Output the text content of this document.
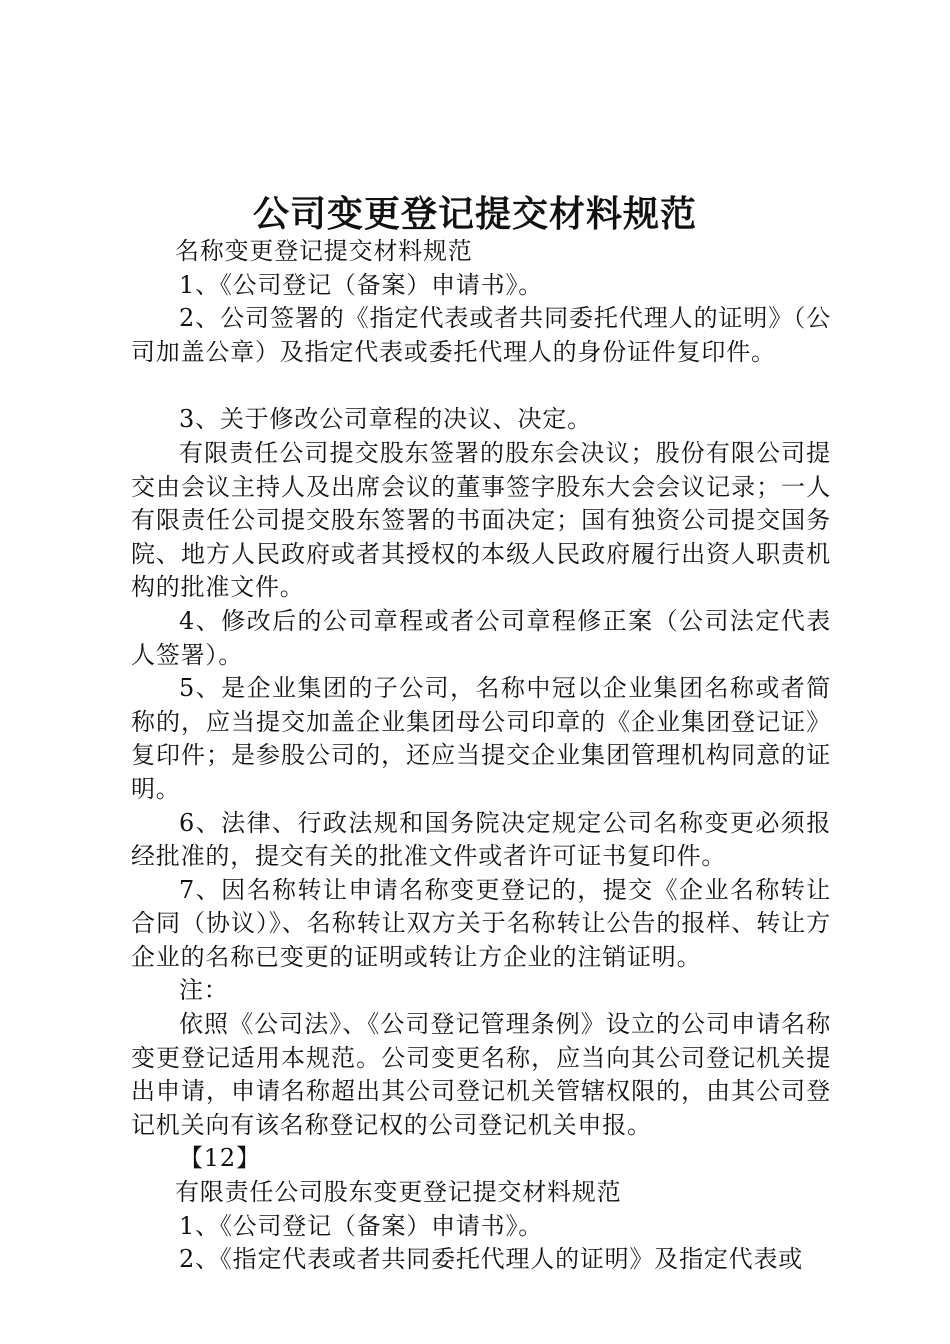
公司变更登记提交材料规范

名称变更登记提交材料规范

1、《公司登记（备案）申请书》。

2、公司签署的《指定代表或者共同委托代理人的证明》（公司加盖公章）及指定代表或委托代理人的身份证件复印件。

3、关于修改公司章程的决议、决定。

有限责任公司提交股东签署的股东会决议；股份有限公司提交由会议主持人及出席会议的董事签字股东大会会议记录；一人有限责任公司提交股东签署的书面决定；国有独资公司提交国务院、地方人民政府或者其授权的本级人民政府履行出资人职责机构的批准文件。

4、修改后的公司章程或者公司章程修正案（公司法定代表人签署）。

5、是企业集团的子公司，名称中冠以企业集团名称或者简称的，应当提交加盖企业集团母公司印章的《企业集团登记证》复印件；是参股公司的，还应当提交企业集团管理机构同意的证明。

6、法律、行政法规和国务院决定规定公司名称变更必须报经批准的，提交有关的批准文件或者许可证书复印件。

7、因名称转让申请名称变更登记的，提交《企业名称转让合同（协议）》、名称转让双方关于名称转让公告的报样、转让方企业的名称已变更的证明或转让方企业的注销证明。

注：

依照《公司法》、《公司登记管理条例》设立的公司申请名称变更登记适用本规范。公司变更名称，应当向其公司登记机关提出申请，申请名称超出其公司登记机关管辖权限的，由其公司登记机关向有该名称登记权的公司登记机关申报。

【12】

有限责任公司股东变更登记提交材料规范

1、《公司登记（备案）申请书》。

2、《指定代表或者共同委托代理人的证明》及指定代表或
